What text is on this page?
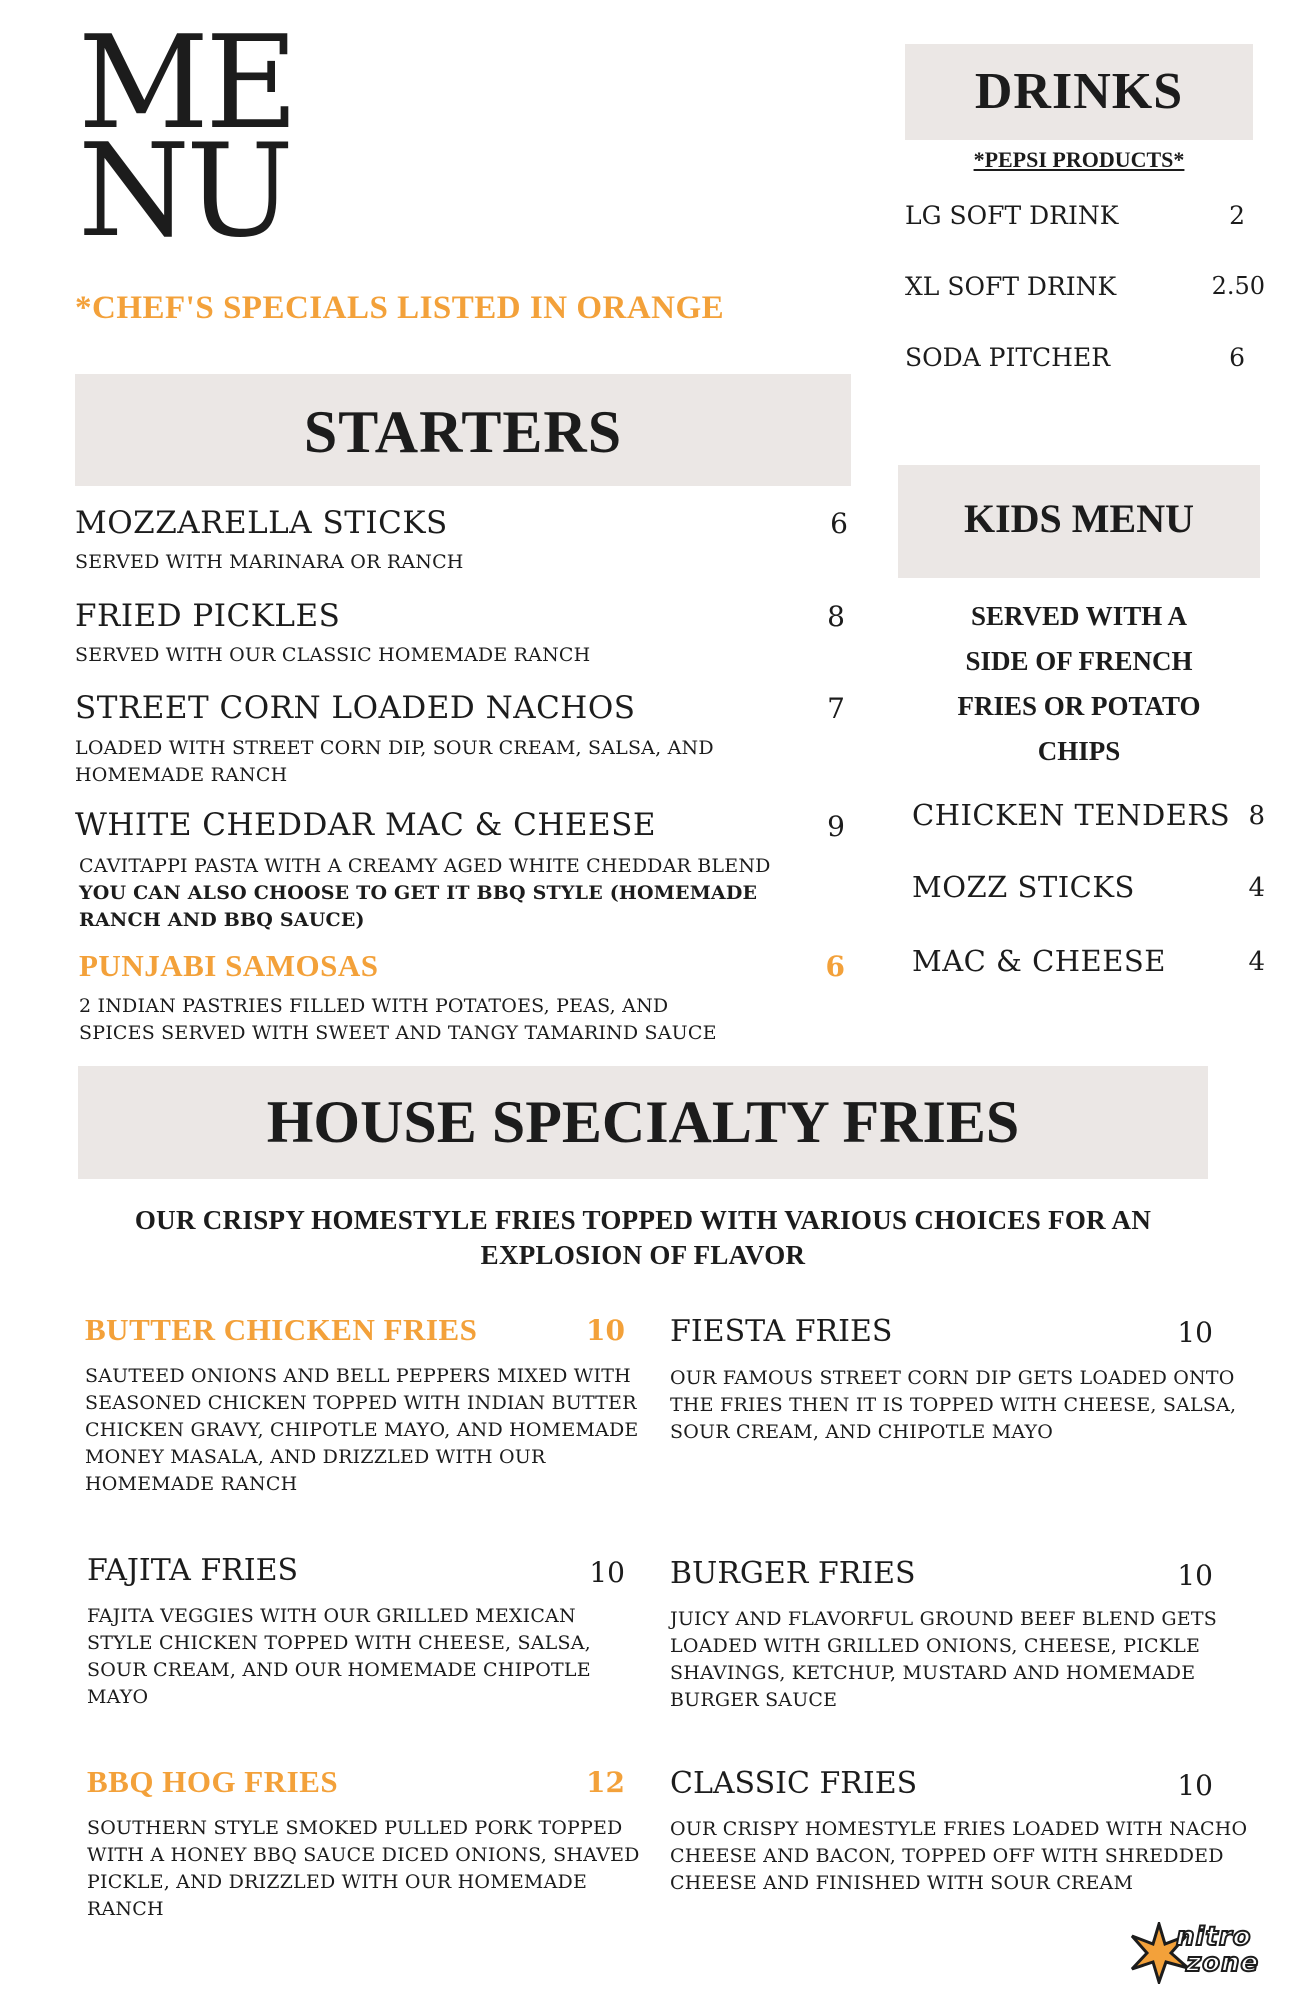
ME
NU
*CHEF'S SPECIALS LISTED IN ORANGE
STARTERS
MOZZARELLA STICKS	6
SERVED WITH MARINARA OR RANCH
FRIED PICKLES	8
SERVED WITH OUR CLASSIC HOMEMADE RANCH
STREET CORN LOADED NACHOS	7
LOADED WITH STREET CORN DIP, SOUR CREAM, SALSA, AND
HOMEMADE RANCH
WHITE CHEDDAR MAC & CHEESE	9
CAVITAPPI PASTA WITH A CREAMY AGED WHITE CHEDDAR BLEND
YOU CAN ALSO CHOOSE TO GET IT BBQ STYLE (HOMEMADE
RANCH AND BBQ SAUCE)
PUNJABI SAMOSAS	6
2 INDIAN PASTRIES FILLED WITH POTATOES, PEAS, AND
SPICES SERVED WITH SWEET AND TANGY TAMARIND SAUCE
DRINKS
*PEPSI PRODUCTS*
LG SOFT DRINK	2
XL SOFT DRINK	2.50
SODA PITCHER	6
KIDS MENU
SERVED WITH A
SIDE OF FRENCH
FRIES OR POTATO
CHIPS
CHICKEN TENDERS 8
MOZZ STICKS	4
MAC & CHEESE	4
HOUSE SPECIALTY FRIES
OUR CRISPY HOMESTYLE FRIES TOPPED WITH VARIOUS CHOICES FOR AN
EXPLOSION OF FLAVOR
BUTTER CHICKEN FRIES	10
SAUTEED ONIONS AND BELL PEPPERS MIXED WITH
SEASONED CHICKEN TOPPED WITH INDIAN BUTTER
CHICKEN GRAVY, CHIPOTLE MAYO, AND HOMEMADE
MONEY MASALA, AND DRIZZLED WITH OUR
HOMEMADE RANCH
FIESTA FRIES	10
OUR FAMOUS STREET CORN DIP GETS LOADED ONTO
THE FRIES THEN IT IS TOPPED WITH CHEESE, SALSA,
SOUR CREAM, AND CHIPOTLE MAYO
FAJITA FRIES	10
FAJITA VEGGIES WITH OUR GRILLED MEXICAN
STYLE CHICKEN TOPPED WITH CHEESE, SALSA,
SOUR CREAM, AND OUR HOMEMADE CHIPOTLE
MAYO
BURGER FRIES	10
JUICY AND FLAVORFUL GROUND BEEF BLEND GETS
LOADED WITH GRILLED ONIONS, CHEESE, PICKLE
SHAVINGS, KETCHUP, MUSTARD AND HOMEMADE
BURGER SAUCE
BBQ HOG FRIES	12
SOUTHERN STYLE SMOKED PULLED PORK TOPPED
WITH A HONEY BBQ SAUCE DICED ONIONS, SHAVED
PICKLE, AND DRIZZLED WITH OUR HOMEMADE
RANCH
CLASSIC FRIES	10
OUR CRISPY HOMESTYLE FRIES LOADED WITH NACHO
CHEESE AND BACON, TOPPED OFF WITH SHREDDED
CHEESE AND FINISHED WITH SOUR CREAM
nitro
zone
